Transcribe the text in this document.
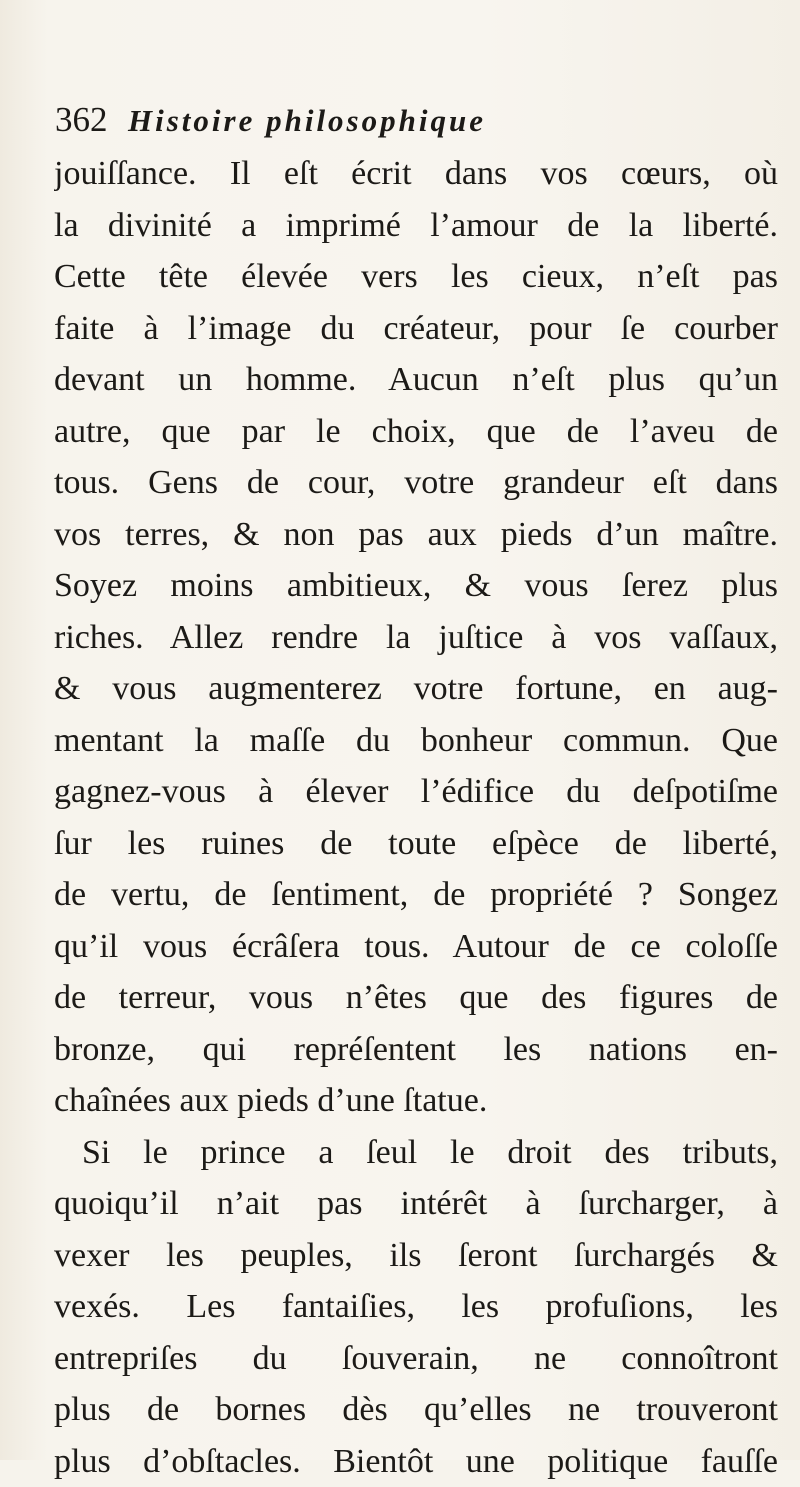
362 Histoire philosophique
jouiſſance. Il eſt écrit dans vos cœurs, où
la divinité a imprimé l’amour de la liberté.
Cette tête élevée vers les cieux, n’eſt pas
faite à l’image du créateur, pour ſe courber
devant un homme. Aucun n’eſt plus qu’un
autre, que par le choix, que de l’aveu de
tous. Gens de cour, votre grandeur eſt dans
vos terres, & non pas aux pieds d’un maître.
Soyez moins ambitieux, & vous ſerez plus
riches. Allez rendre la juſtice à vos vaſſaux,
& vous augmenterez votre fortune, en aug-
mentant la maſſe du bonheur commun. Que
gagnez-vous à élever l’édifice du deſpotiſme
ſur les ruines de toute eſpèce de liberté,
de vertu, de ſentiment, de propriété ? Songez
qu’il vous écrâſera tous. Autour de ce coloſſe
de terreur, vous n’êtes que des figures de
bronze, qui repréſentent les nations en-
chaînées aux pieds d’une ſtatue.
Si le prince a ſeul le droit des tributs,
quoiqu’il n’ait pas intérêt à ſurcharger, à
vexer les peuples, ils ſeront ſurchargés &
vexés. Les fantaiſies, les profuſions, les
entrepriſes du ſouverain, ne connoîtront
plus de bornes dès qu’elles ne trouveront
plus d’obſtacles. Bientôt une politique fauſſe
